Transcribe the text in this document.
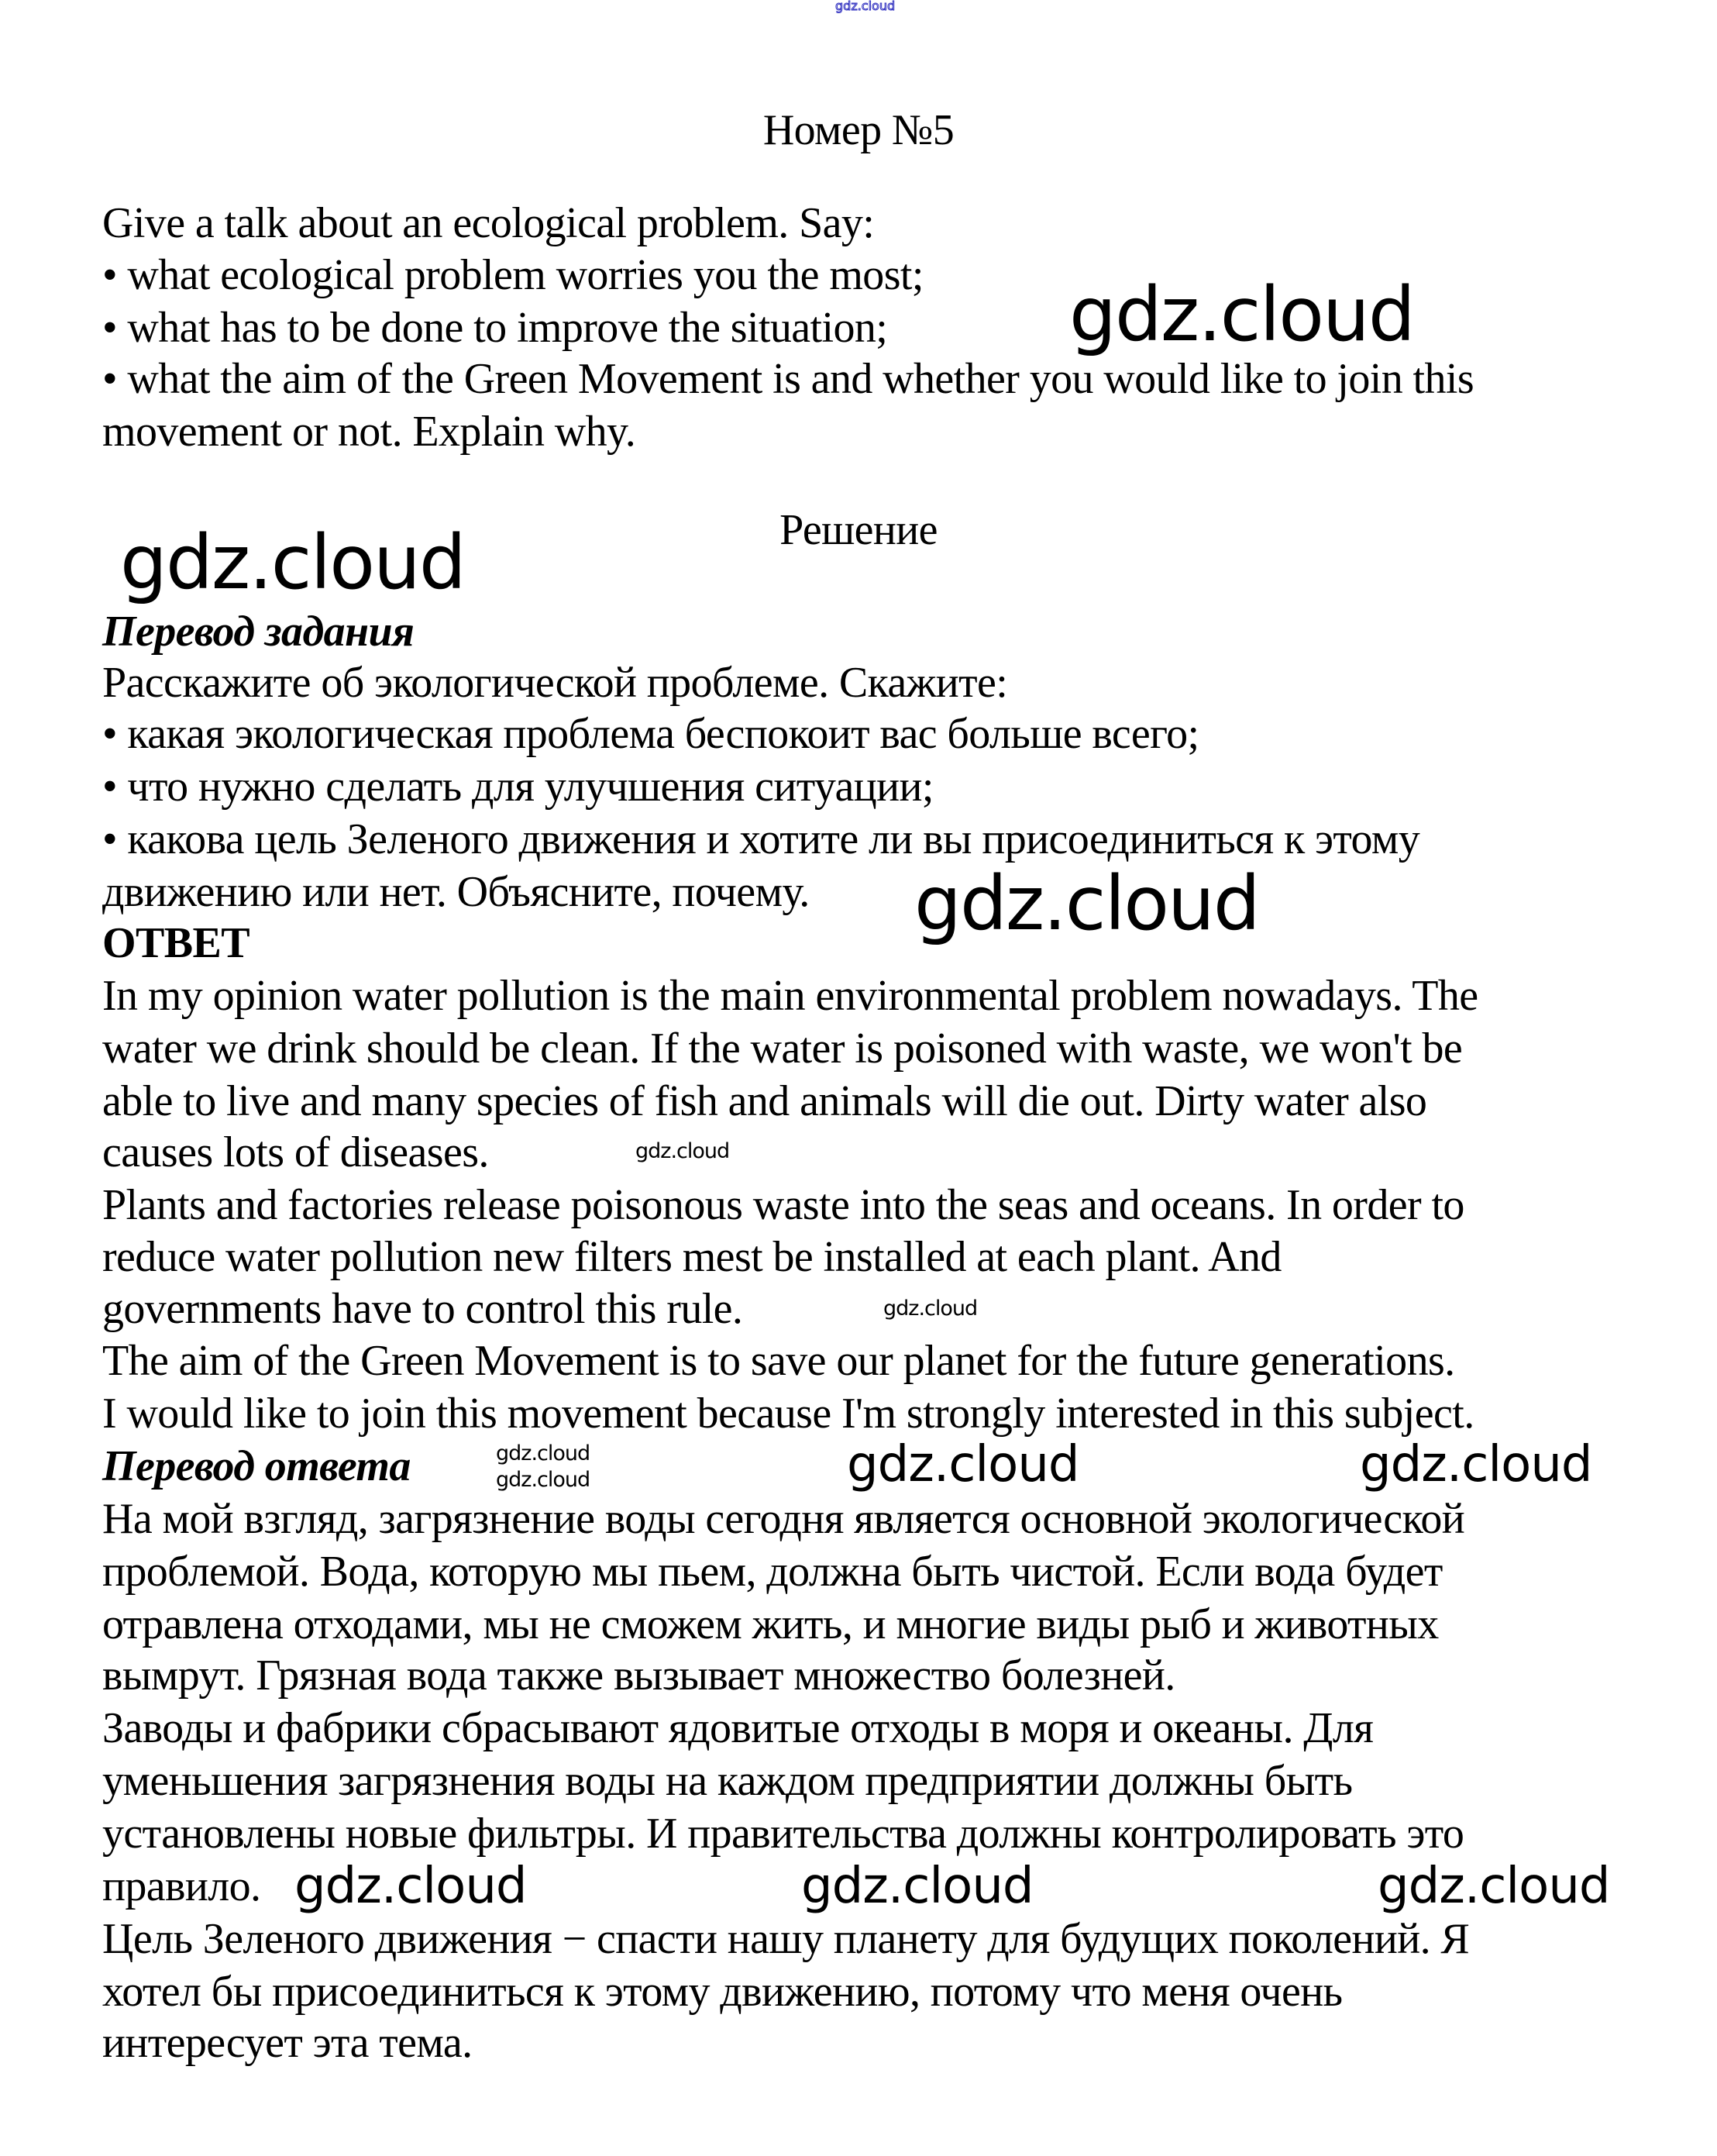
gdz.cloud
Номер №5
Give a talk about an ecological problem. Say:
• what ecological problem worries you the most;
• what has to be done to improve the situation;
• what the aim of the Green Movement is and whether you would like to join this
movement or not. Explain why.
Решение
Перевод задания
Расскажите об экологической проблеме. Скажите:
• какая экологическая проблема беспокоит вас больше всего;
• что нужно сделать для улучшения ситуации;
• какова цель Зеленого движения и хотите ли вы присоединиться к этому
движению или нет. Объясните, почему.
ОТВЕТ
In my opinion water pollution is the main environmental problem nowadays. The
water we drink should be clean. If the water is poisoned with waste, we won't be
able to live and many species of fish and animals will die out. Dirty water also
causes lots of diseases.
Plants and factories release poisonous waste into the seas and oceans. In order to
reduce water pollution new filters mest be installed at each plant. And
governments have to control this rule.
The aim of the Green Movement is to save our planet for the future generations.
I would like to join this movement because I'm strongly interested in this subject.
Перевод ответа
На мой взгляд, загрязнение воды сегодня является основной экологической
проблемой. Вода, которую мы пьем, должна быть чистой. Если вода будет
отравлена отходами, мы не сможем жить, и многие виды рыб и животных
вымрут. Грязная вода также вызывает множество болезней.
Заводы и фабрики сбрасывают ядовитые отходы в моря и океаны. Для
уменьшения загрязнения воды на каждом предприятии должны быть
установлены новые фильтры. И правительства должны контролировать это
правило.
Цель Зеленого движения − спасти нашу планету для будущих поколений. Я
хотел бы присоединиться к этому движению, потому что меня очень
интересует эта тема.
gdz.cloud
gdz.cloud
gdz.cloud
gdz.cloud
gdz.cloud
gdz.cloud	gdz.cloud	gdz.cloud
gdz.cloud
gdz.cloud	gdz.cloud	gdz.cloud
